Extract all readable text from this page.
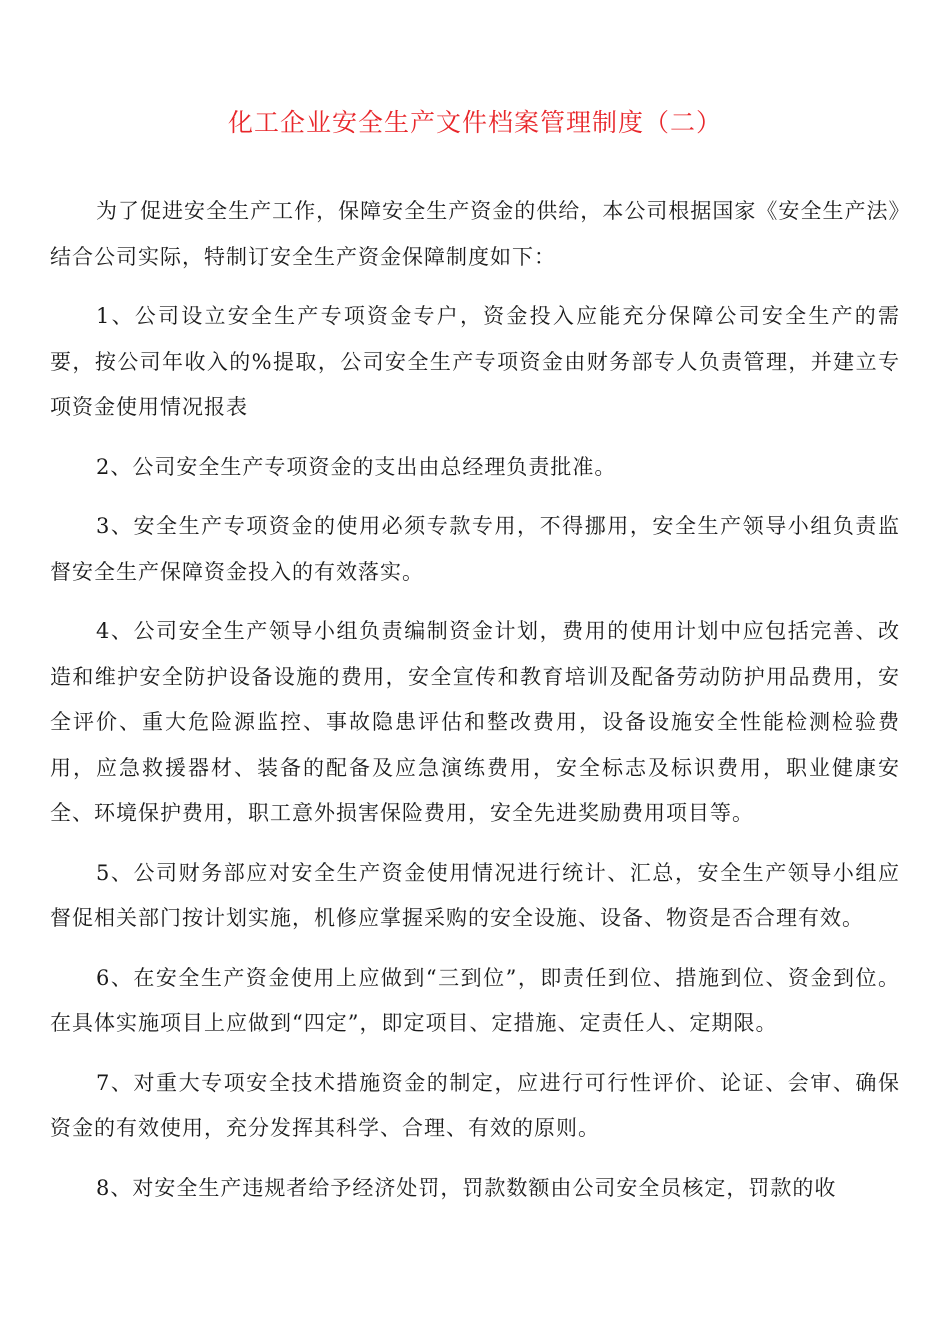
化工企业安全生产文件档案管理制度（二）

为了促进安全生产工作，保障安全生产资金的供给，本公司根据国家《安全生产法》结合公司实际，特制订安全生产资金保障制度如下：

1、公司设立安全生产专项资金专户，资金投入应能充分保障公司安全生产的需要，按公司年收入的%提取，公司安全生产专项资金由财务部专人负责管理，并建立专项资金使用情况报表

2、公司安全生产专项资金的支出由总经理负责批准。

3、安全生产专项资金的使用必须专款专用，不得挪用，安全生产领导小组负责监督安全生产保障资金投入的有效落实。

4、公司安全生产领导小组负责编制资金计划，费用的使用计划中应包括完善、改造和维护安全防护设备设施的费用，安全宣传和教育培训及配备劳动防护用品费用，安全评价、重大危险源监控、事故隐患评估和整改费用，设备设施安全性能检测检验费用，应急救援器材、装备的配备及应急演练费用，安全标志及标识费用，职业健康安全、环境保护费用，职工意外损害保险费用，安全先进奖励费用项目等。

5、公司财务部应对安全生产资金使用情况进行统计、汇总，安全生产领导小组应督促相关部门按计划实施，机修应掌握采购的安全设施、设备、物资是否合理有效。

6、在安全生产资金使用上应做到“三到位”，即责任到位、措施到位、资金到位。在具体实施项目上应做到“四定”，即定项目、定措施、定责任人、定期限。

7、对重大专项安全技术措施资金的制定，应进行可行性评价、论证、会审、确保资金的有效使用，充分发挥其科学、合理、有效的原则。

8、对安全生产违规者给予经济处罚，罚款数额由公司安全员核定，罚款的收
